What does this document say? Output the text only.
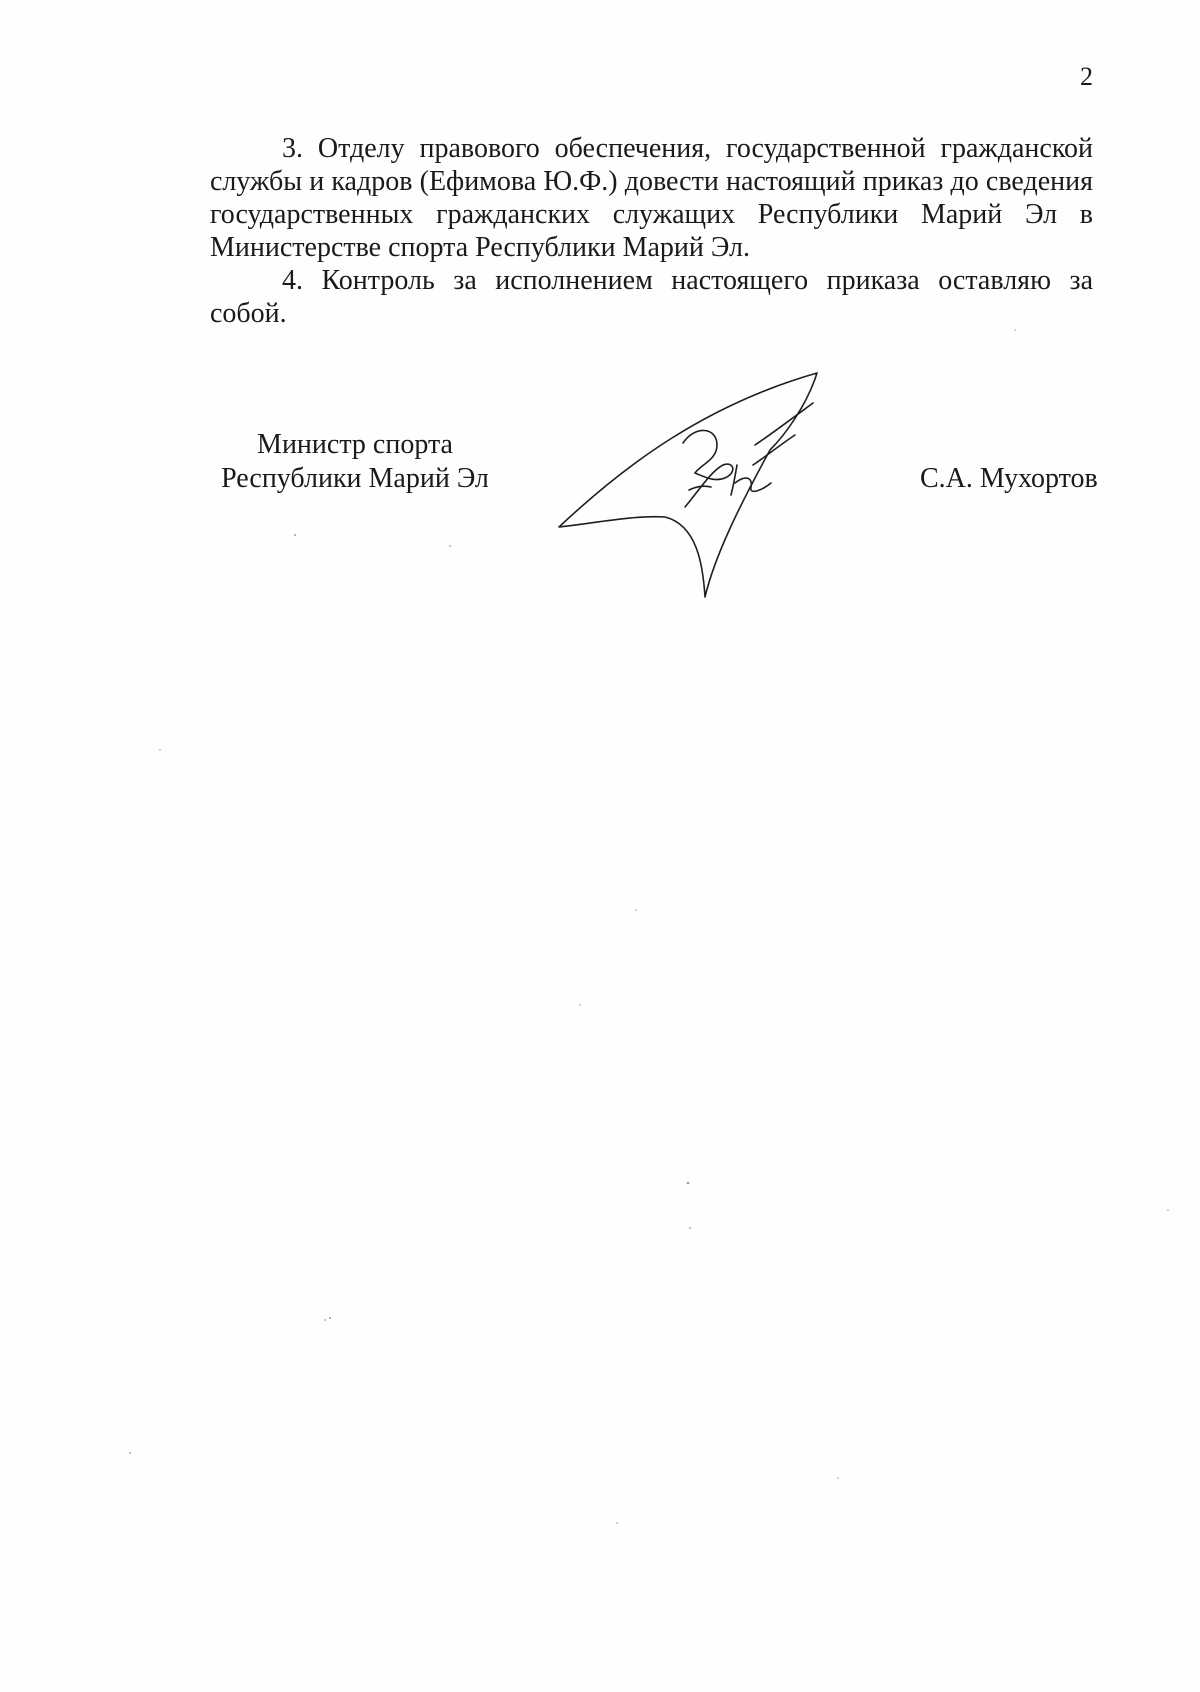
2

3. Отделу правового обеспечения, государственной гражданской службы и кадров (Ефимова Ю.Ф.) довести настоящий приказ до сведения государственных гражданских служащих Республики Марий Эл в Министерстве спорта Республики Марий Эл.

4. Контроль за исполнением настоящего приказа оставляю за собой.

Министр спорта
Республики Марий Эл	С.А. Мухортов
